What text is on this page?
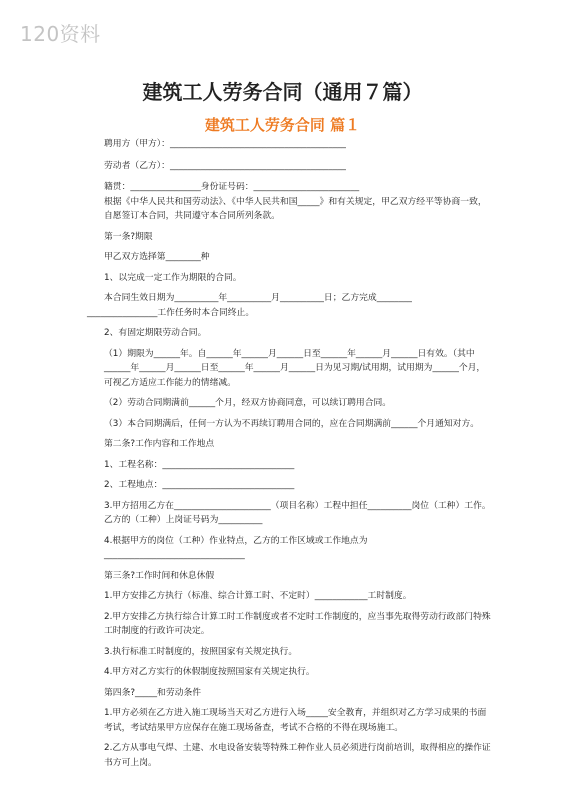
120资料
建筑工人劳务合同（通用７篇）
建筑工人劳务合同 篇１

聘用方（甲方）：________________________________________

劳动者（乙方）：________________________________________

籍贯：________________身份证号码：________________________

根据《中华人民共和国劳动法》、《中华人民共和国_____》和有关规定，甲乙双方经平等协商一致，自愿签订本合同，共同遵守本合同所列条款。

第一条?期限

甲乙双方选择第________种

1、以完成一定工作为期限的合同。

本合同生效日期为__________年__________月__________日；乙方完成________

________________工作任务时本合同终止。

2、有固定期限劳动合同。

（1）期限为______年。自______年______月______日至______年______月______日有效。（其中______年______月______日至______年______月______日为见习期/试用期，试用期为______个月，可视乙方适应工作能力的情绪减。

（2）劳动合同期满前______个月，经双方协商同意，可以续订聘用合同。

（3）本合同期满后，任何一方认为不再续订聘用合同的，应在合同期满前______个月通知对方。

第二条?工作内容和工作地点

1、工程名称：______________________________

2、工程地点：______________________________

3.甲方招用乙方在______________________（项目名称）工程中担任__________岗位（工种）工作。乙方的（工种）上岗证号码为__________

4.根据甲方的岗位（工种）作业特点，乙方的工作区域或工作地点为________________________________

第三条?工作时间和休息休假

1.甲方安排乙方执行（标准、综合计算工时、不定时）____________工时制度。

2.甲方安排乙方执行综合计算工时工作制度或者不定时工作制度的，应当事先取得劳动行政部门特殊工时制度的行政许可决定。

3.执行标准工时制度的，按照国家有关规定执行。

4.甲方对乙方实行的休假制度按照国家有关规定执行。

第四条?_____和劳动条件

1.甲方必须在乙方进入施工现场当天对乙方进行入场_____安全教育，并组织对乙方学习成果的书面考试，考试结果甲方应保存在施工现场备查，考试不合格的不得在现场施工。

2.乙方从事电气焊、土建、水电设备安装等特殊工种作业人员必须进行岗前培训，取得相应的操作证书方可上岗。
